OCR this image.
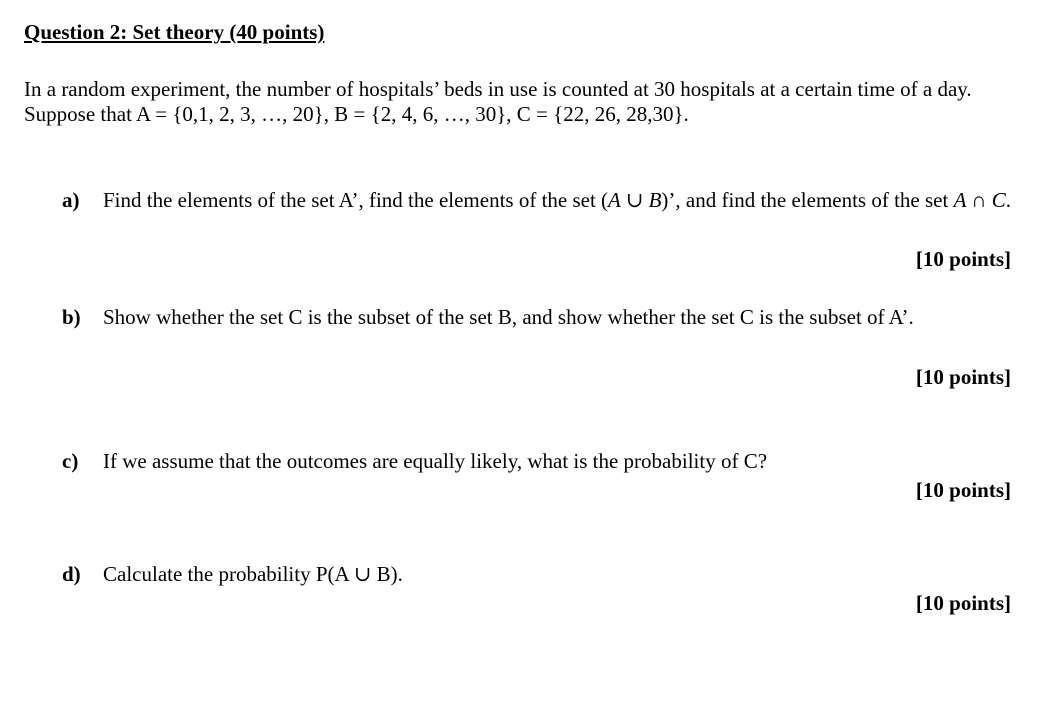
Question 2: Set theory (40 points)

In a random experiment, the number of hospitals’ beds in use is counted at 30 hospitals at a certain time of a day.

Suppose that A = {0,1, 2, 3, …, 20}, B = {2, 4, 6, …, 30}, C = {22, 26, 28,30}.

a) Find the elements of the set A’, find the elements of the set (A ∪ B)’, and find the elements of the set A ∩ C.
[10 points]
b) Show whether the set C is the subset of the set B, and show whether the set C is the subset of A’.
[10 points]
c) If we assume that the outcomes are equally likely, what is the probability of C?
[10 points]
d) Calculate the probability P(A ∪ B).
[10 points]
